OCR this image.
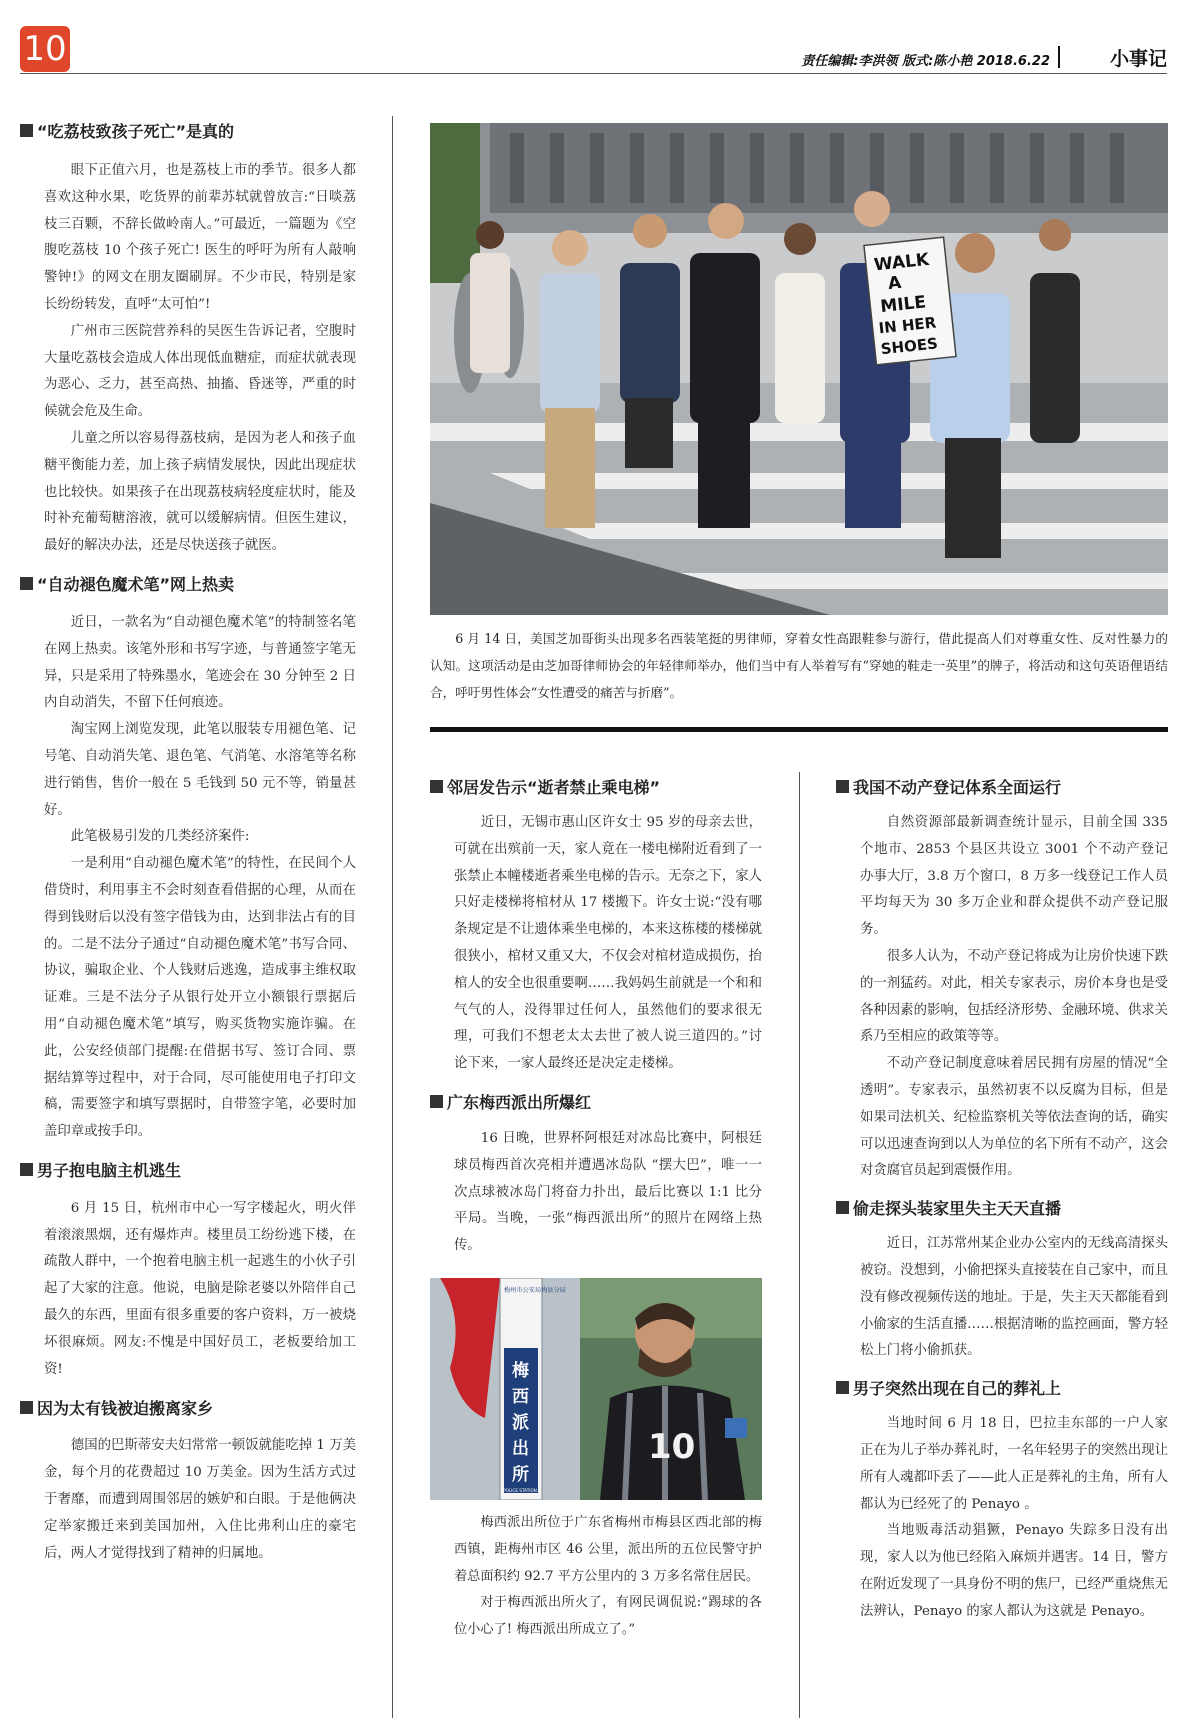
10	责任编辑:李洪领 版式:陈小艳 2018.6.22	小事记
“吃荔枝致孩子死亡”是真的

眼下正值六月，也是荔枝上市的季节。很多人都喜欢这种水果，吃货界的前辈苏轼就曾放言:“日啖荔枝三百颗，不辞长做岭南人。”可最近，一篇题为《空腹吃荔枝 10 个孩子死亡! 医生的呼吁为所有人敲响警钟!》的网文在朋友圈刷屏。不少市民，特别是家长纷纷转发，直呼“太可怕”!

广州市三医院营养科的吴医生告诉记者，空腹时大量吃荔枝会造成人体出现低血糖症，而症状就表现为恶心、乏力，甚至高热、抽搐、昏迷等，严重的时候就会危及生命。

儿童之所以容易得荔枝病，是因为老人和孩子血糖平衡能力差，加上孩子病情发展快，因此出现症状也比较快。如果孩子在出现荔枝病轻度症状时，能及时补充葡萄糖溶液，就可以缓解病情。但医生建议，最好的解决办法，还是尽快送孩子就医。

“自动褪色魔术笔”网上热卖

近日，一款名为“自动褪色魔术笔”的特制签名笔在网上热卖。该笔外形和书写字迹，与普通签字笔无异，只是采用了特殊墨水，笔迹会在 30 分钟至 2 日内自动消失，不留下任何痕迹。

淘宝网上浏览发现，此笔以服装专用褪色笔、记号笔、自动消失笔、退色笔、气消笔、水溶笔等名称进行销售，售价一般在 5 毛钱到 50 元不等，销量甚好。

此笔极易引发的几类经济案件:

一是利用“自动褪色魔术笔”的特性，在民间个人借贷时，利用事主不会时刻查看借据的心理，从而在得到钱财后以没有签字借钱为由，达到非法占有的目的。二是不法分子通过“自动褪色魔术笔”书写合同、协议，骗取企业、个人钱财后逃逸，造成事主维权取证难。三是不法分子从银行处开立小额银行票据后用“自动褪色魔术笔”填写，购买货物实施诈骗。在此，公安经侦部门提醒:在借据书写、签订合同、票据结算等过程中，对于合同，尽可能使用电子打印文稿，需要签字和填写票据时，自带签字笔，必要时加盖印章或按手印。

男子抱电脑主机逃生

6 月 15 日，杭州市中心一写字楼起火，明火伴着滚滚黑烟，还有爆炸声。楼里员工纷纷逃下楼，在疏散人群中，一个抱着电脑主机一起逃生的小伙子引起了大家的注意。他说，电脑是除老婆以外陪伴自己最久的东西，里面有很多重要的客户资料，万一被烧坏很麻烦。网友:不愧是中国好员工，老板要给加工资!

因为太有钱被迫搬离家乡

德国的巴斯蒂安夫妇常常一顿饭就能吃掉 1 万美金，每个月的花费超过 10 万美金。因为生活方式过于奢靡，而遭到周围邻居的嫉妒和白眼。于是他俩决定举家搬迁来到美国加州，入住比弗利山庄的豪宅后，两人才觉得找到了精神的归属地。

WALK
A
MILE
IN HER
SHOES

6 月 14 日，美国芝加哥街头出现多名西装笔挺的男律师，穿着女性高跟鞋参与游行，借此提高人们对尊重女性、反对性暴力的认知。这项活动是由芝加哥律师协会的年轻律师举办，他们当中有人举着写有“穿她的鞋走一英里”的牌子，将活动和这句英语俚语结合，呼吁男性体会“女性遭受的痛苦与折磨”。

邻居发告示“逝者禁止乘电梯”

近日，无锡市惠山区许女士 95 岁的母亲去世，可就在出殡前一天，家人竟在一楼电梯附近看到了一张禁止本幢楼逝者乘坐电梯的告示。无奈之下，家人只好走楼梯将棺材从 17 楼搬下。许女士说:“没有哪条规定是不让遗体乘坐电梯的，本来这栋楼的楼梯就很狭小，棺材又重又大，不仅会对棺材造成损伤，抬棺人的安全也很重要啊……我妈妈生前就是一个和和气气的人，没得罪过任何人，虽然他们的要求很无理，可我们不想老太太去世了被人说三道四的。”讨论下来，一家人最终还是决定走楼梯。

广东梅西派出所爆红

16 日晚，世界杯阿根廷对冰岛比赛中，阿根廷球员梅西首次亮相并遭遇冰岛队 “摆大巴”，唯一一次点球被冰岛门将奋力扑出，最后比赛以 1:1 比分平局。当晚，一张“梅西派出所”的照片在网络上热传。

梅州市公安局梅县分局
梅
西
派
出
所
POLICE STATION
10

梅西派出所位于广东省梅州市梅县区西北部的梅西镇，距梅州市区 46 公里，派出所的五位民警守护着总面积约 92.7 平方公里内的 3 万多名常住居民。

对于梅西派出所火了，有网民调侃说:“踢球的各位小心了! 梅西派出所成立了。”

我国不动产登记体系全面运行

自然资源部最新调查统计显示，目前全国 335 个地市、2853 个县区共设立 3001 个不动产登记办事大厅，3.8 万个窗口，8 万多一线登记工作人员平均每天为 30 多万企业和群众提供不动产登记服务。

很多人认为，不动产登记将成为让房价快速下跌的一剂猛药。对此，相关专家表示，房价本身也是受各种因素的影响，包括经济形势、金融环境、供求关系乃至相应的政策等等。

不动产登记制度意味着居民拥有房屋的情况“全透明”。专家表示，虽然初衷不以反腐为目标，但是如果司法机关、纪检监察机关等依法查询的话，确实可以迅速查询到以人为单位的名下所有不动产，这会对贪腐官员起到震慑作用。

偷走探头装家里失主天天直播

近日，江苏常州某企业办公室内的无线高清探头被窃。没想到，小偷把探头直接装在自己家中，而且没有修改视频传送的地址。于是，失主天天都能看到小偷家的生活直播……根据清晰的监控画面，警方轻松上门将小偷抓获。

男子突然出现在自己的葬礼上

当地时间 6 月 18 日，巴拉圭东部的一户人家正在为儿子举办葬礼时，一名年轻男子的突然出现让所有人魂都吓丢了——此人正是葬礼的主角，所有人都认为已经死了的 Penayo 。

当地贩毒活动猖獗，Penayo 失踪多日没有出现，家人以为他已经陷入麻烦并遇害。14 日，警方在附近发现了一具身份不明的焦尸，已经严重烧焦无法辨认，Penayo 的家人都认为这就是 Penayo。
